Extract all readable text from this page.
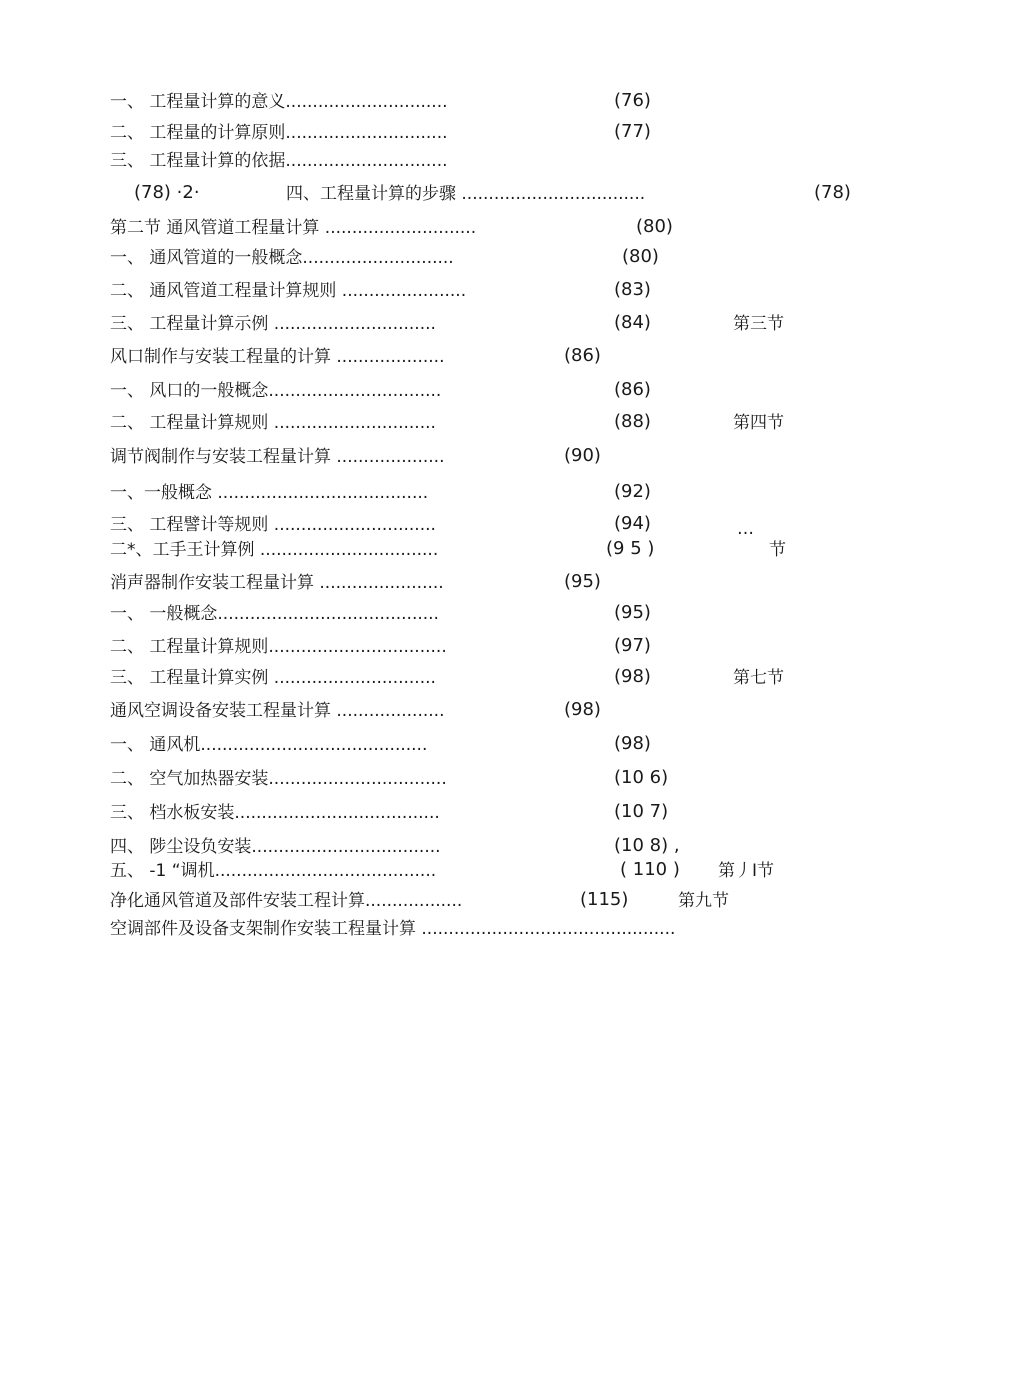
一、 工程量计算的意义..............................	(76)
二、 工程量的计算原则..............................	(77)
三、 工程量计算的依据..............................
(78) ·2·	四、工程量计算的步骤 ..................................	(78)
第二节 通风管道工程量计算 ............................	(80)
一、 通风管道的一般概念............................	(80)
二、 通风管道工程量计算规则 .......................	(83)
三、 工程量计算示例 ..............................	(84)	第三节
风口制作与安装工程量的计算 ....................	(86)
一、 风口的一般概念................................	(86)
二、 工程量计算规则 ..............................	(88)	第四节
调节阀制作与安装工程量计算 ....................	(90)
一、一般概念 .......................................	(92)
三、 工程譬计等规则 ..............................	(94)	…
二*、工手王计算例 .................................	(9 5 )	节
消声器制作安装工程量计算 .......................	(95)
一、 一般概念.........................................	(95)
二、 工程量计算规则.................................	(97)
三、 工程量计算实例 ..............................	(98)	第七节
通风空调设备安装工程量计算 ....................	(98)
一、 通风机..........................................	(98)
二、 空气加热器安装.................................	(10 6)
三、 档水板安装......................................	(10 7)
四、 陟尘设负安装...................................	(10 8) ,
五、 -1 “调机.........................................	( 110 ) 第丿I节
净化通风管道及部件安装工程计算..................	(115)	第九节
空调部件及设备支架制作安装工程量计算 ...............................................
